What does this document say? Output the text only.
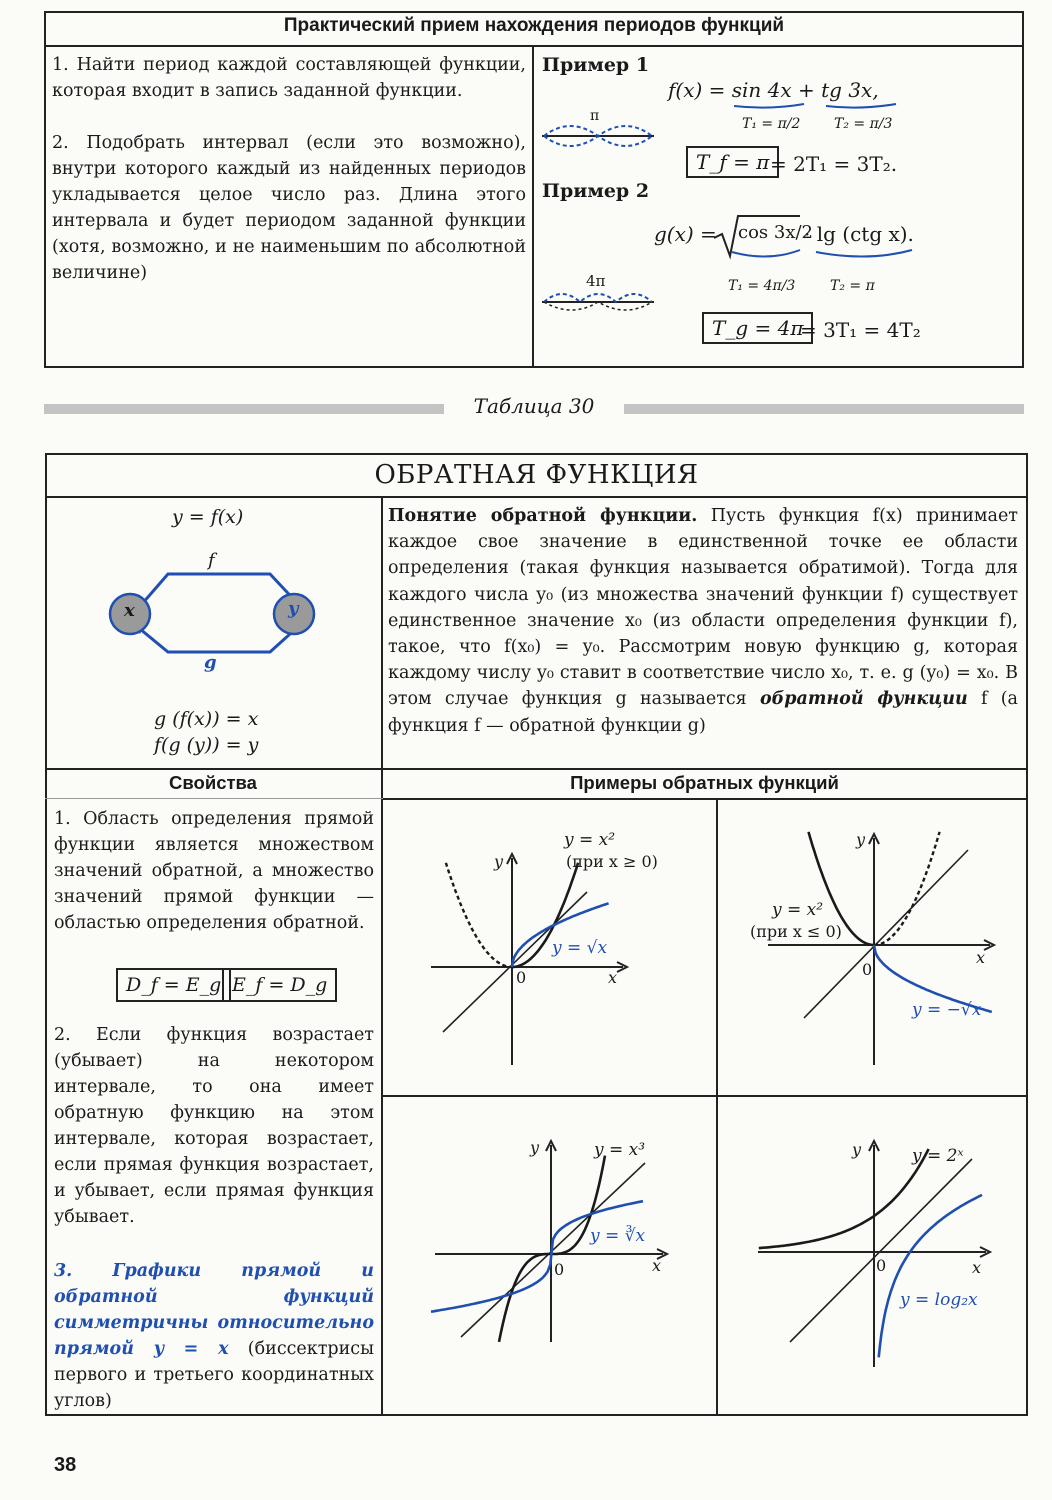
Практический прием нахождения периодов функций
1. Найти период каждой составляющей функции, которая входит в запись заданной функции.
2. Подобрать интервал (если это возможно), внутри которого каждый из найденных периодов укладывается целое число раз. Длина этого интервала и будет периодом заданной функции (хотя, возможно, и не наименьшим по абсолютной величине)
Пример 1
f(x) = sin 4x + tg 3x,
T₁ = π/2 T₂ = π/3
T_f = π = 2T₁ = 3T₂.
π
Пример 2
g(x) = cos 3x/2
· lg (ctg x).
T₁ = 4π/3 T₂ = π
T_g = 4π
= 3T₁ = 4T₂
4π
Таблица 30
ОБРАТНАЯ ФУНКЦИЯ
y = f(x)
x	y
f
g
g (f(x)) = x
f(g (y)) = y
Понятие обратной функции. Пусть функция f(x) принимает каждое свое значение в единственной точке ее области определения (такая функция называется обратимой). Тогда для каждого числа y₀ (из множества значений функции f) существует единственное значение x₀ (из области определения функции f), такое, что f(x₀) = y₀. Рассмотрим новую функцию g, которая каждому числу y₀ ставит в соответствие число x₀, т. е. g (y₀) = x₀. В этом случае функция g называется обратной функции f (а функция f — обратной функции g)
Свойства	Примеры обратных функций
1. Область определения прямой функции является множеством значений обратной, а множество значений прямой функции — областью определения обратной.
D_f = E_g E_f = D_g
2. Если функция возрастает (убывает) на некотором интервале, то она имеет обратную функцию на этом интервале, которая возрастает, если прямая функция возрастает, и убывает, если прямая функция убывает.
3. Графики прямой и обратной функций симметричны относительно прямой y = x (биссектрисы первого и третьего координатных углов)
y = x²
(при x ≥ 0)
y = √x
x
y
0
y = x²
(при x ≤ 0)
y = −√x
x
y
0
y = x³
y = ∛x
x
y
0
y = 2ˣ
y = log₂x
x
y
0
38
